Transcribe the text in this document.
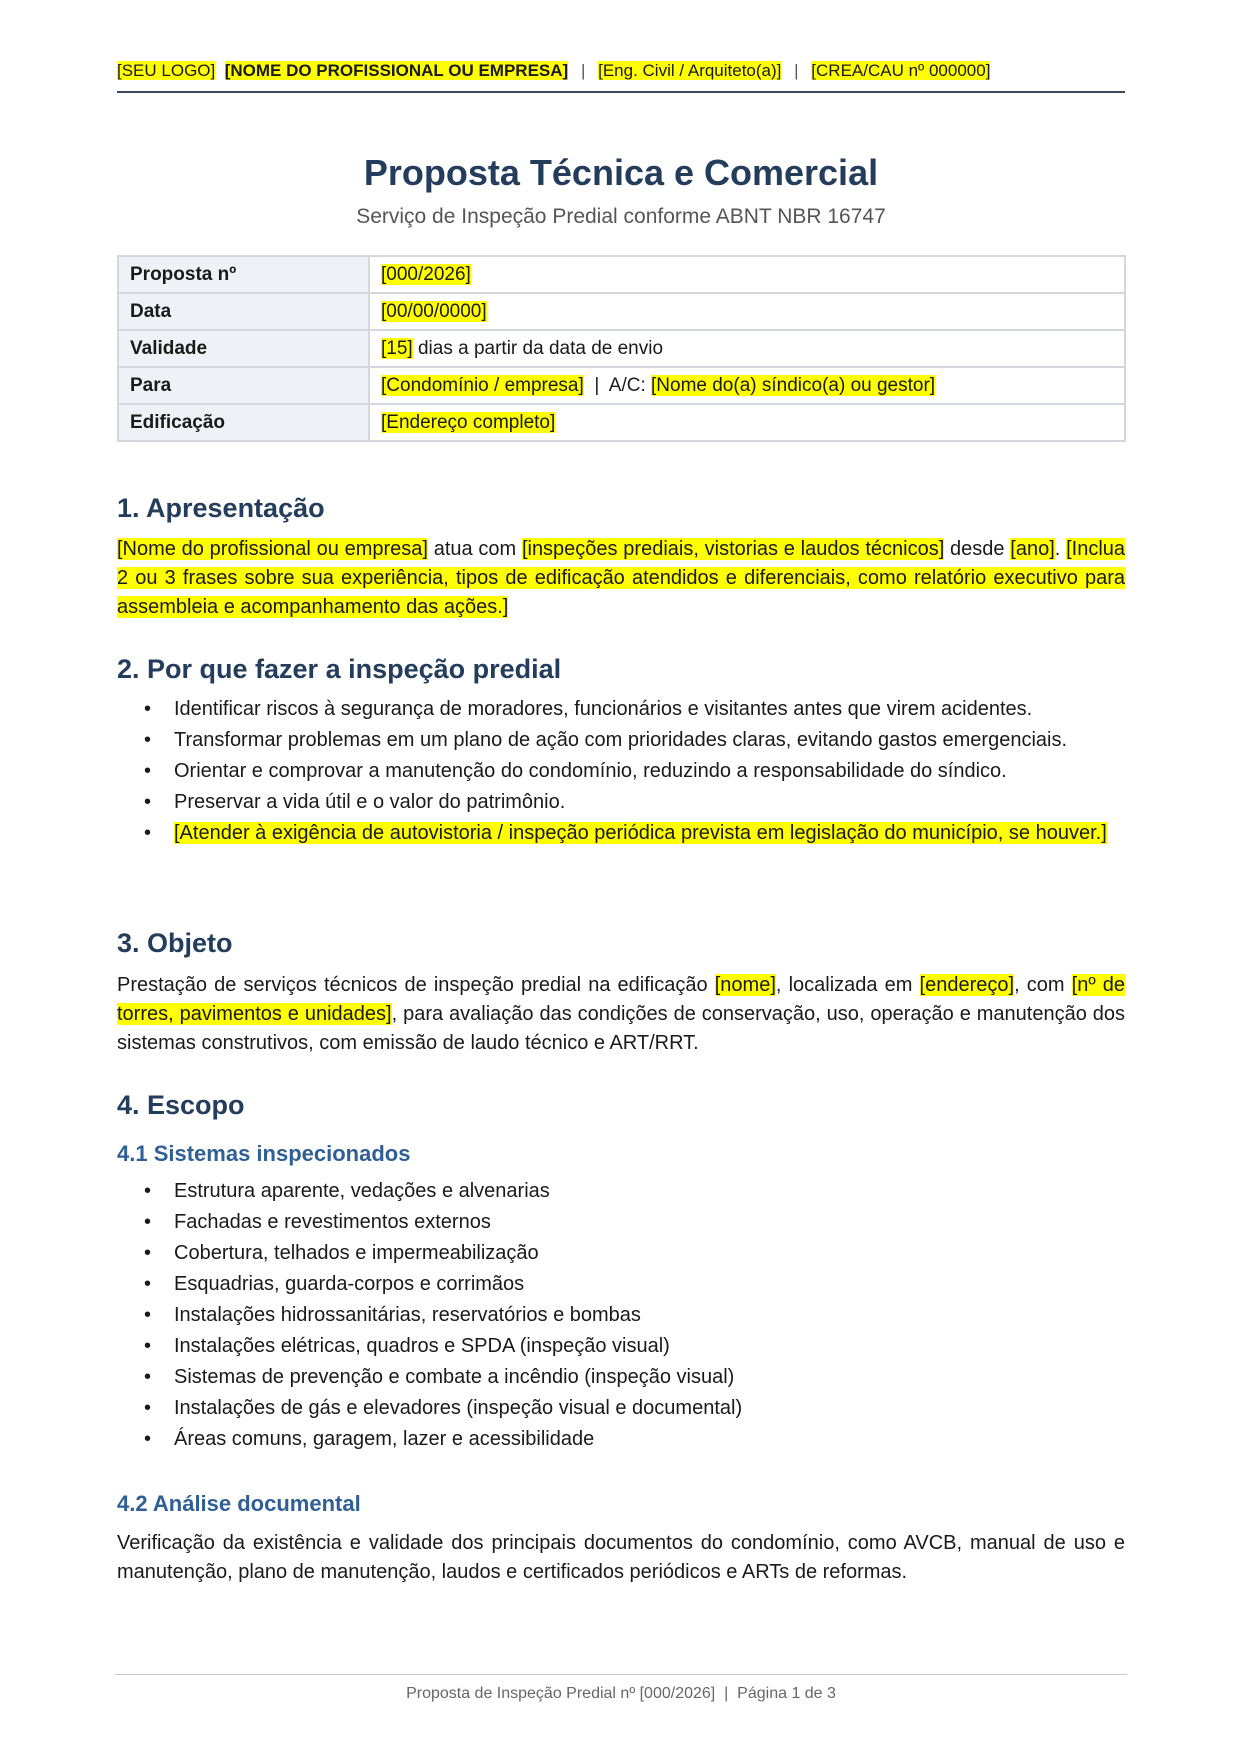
[SEU LOGO] [NOME DO PROFISSIONAL OU EMPRESA] | [Eng. Civil / Arquiteto(a)] | [CREA/CAU nº 000000]
Proposta Técnica e Comercial
Serviço de Inspeção Predial conforme ABNT NBR 16747
Proposta nº	[000/2026]
Data	[00/00/0000]
Validade	[15] dias a partir da data de envio
Para	[Condomínio / empresa]  |  A/C: [Nome do(a) síndico(a) ou gestor]
Edificação	[Endereço completo]
1. Apresentação
[Nome do profissional ou empresa] atua com [inspeções prediais, vistorias e laudos técnicos] desde [ano]. [Inclua 2 ou 3 frases sobre sua experiência, tipos de edificação atendidos e diferenciais, como relatório executivo para assembleia e acompanhamento das ações.]
2. Por que fazer a inspeção predial
• Identificar riscos à segurança de moradores, funcionários e visitantes antes que virem acidentes.
• Transformar problemas em um plano de ação com prioridades claras, evitando gastos emergenciais.
• Orientar e comprovar a manutenção do condomínio, reduzindo a responsabilidade do síndico.
• Preservar a vida útil e o valor do patrimônio.
• [Atender à exigência de autovistoria / inspeção periódica prevista em legislação do município, se houver.]
3. Objeto
Prestação de serviços técnicos de inspeção predial na edificação [nome], localizada em [endereço], com [nº de torres, pavimentos e unidades], para avaliação das condições de conservação, uso, operação e manutenção dos sistemas construtivos, com emissão de laudo técnico e ART/RRT.
4. Escopo
4.1 Sistemas inspecionados
• Estrutura aparente, vedações e alvenarias
• Fachadas e revestimentos externos
• Cobertura, telhados e impermeabilização
• Esquadrias, guarda-corpos e corrimãos
• Instalações hidrossanitárias, reservatórios e bombas
• Instalações elétricas, quadros e SPDA (inspeção visual)
• Sistemas de prevenção e combate a incêndio (inspeção visual)
• Instalações de gás e elevadores (inspeção visual e documental)
• Áreas comuns, garagem, lazer e acessibilidade
4.2 Análise documental
Verificação da existência e validade dos principais documentos do condomínio, como AVCB, manual de uso e manutenção, plano de manutenção, laudos e certificados periódicos e ARTs de reformas.
Proposta de Inspeção Predial nº [000/2026]  |  Página 1 de 3
